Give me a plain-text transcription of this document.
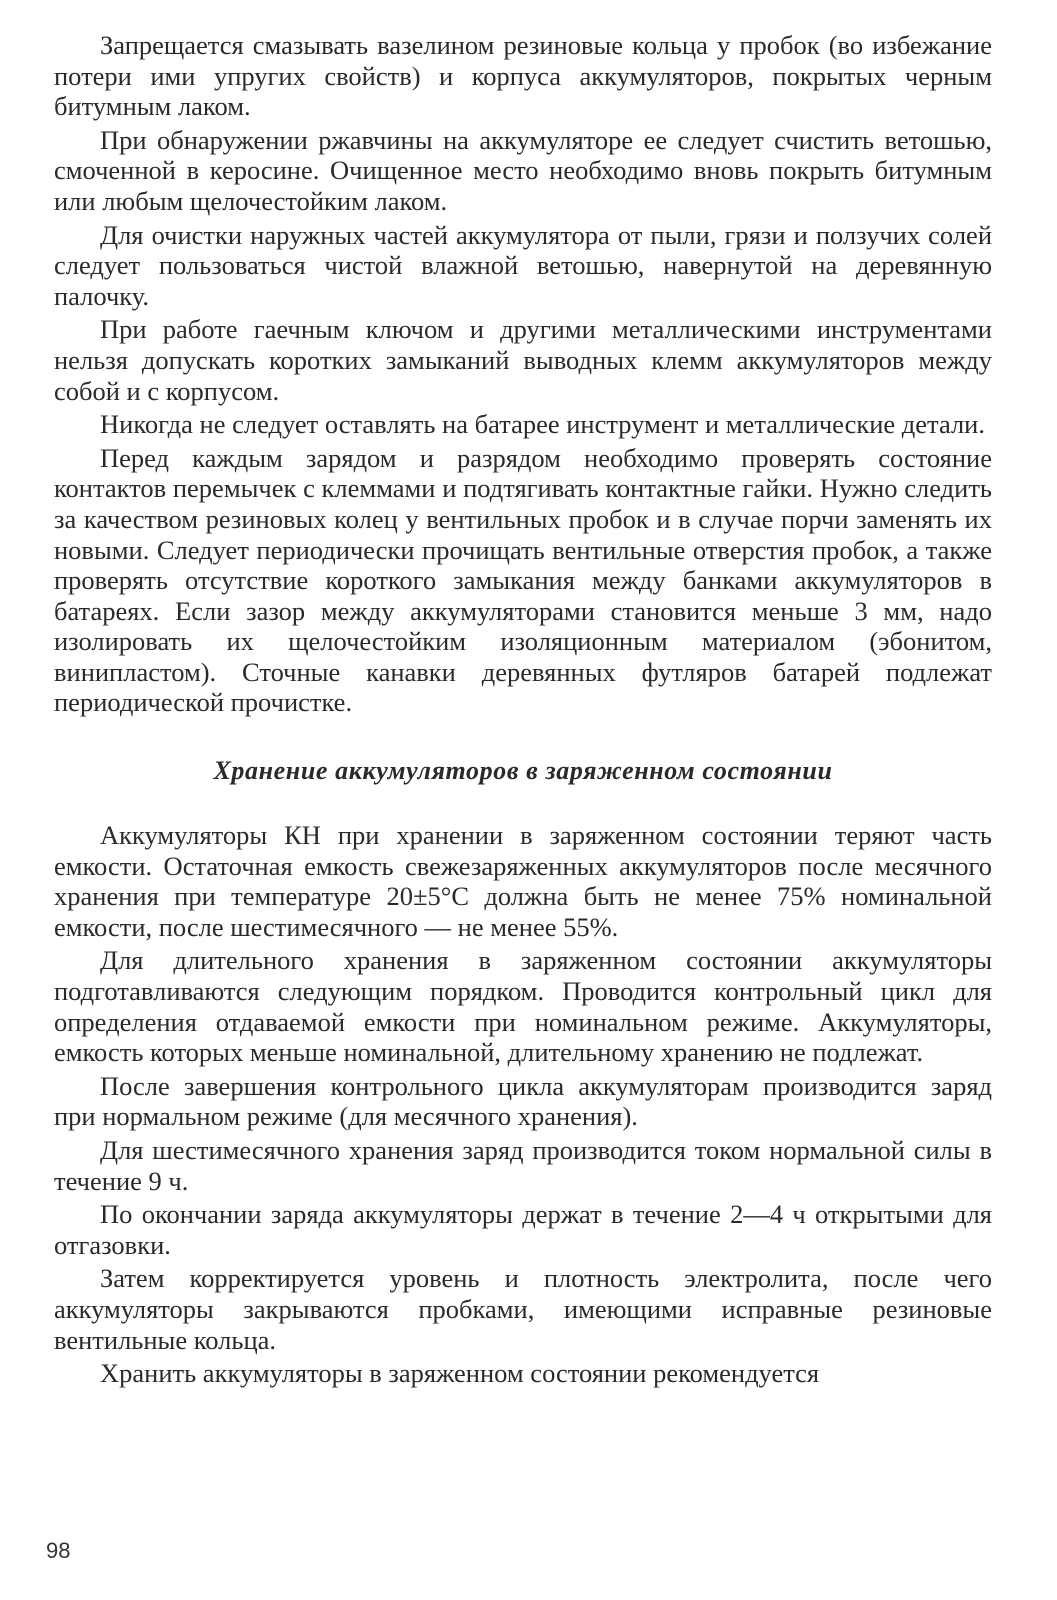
Запрещается смазывать вазелином резиновые кольца у пробок (во избежание потери ими упругих свойств) и корпуса аккумуляторов, покрытых черным битумным лаком.

При обнаружении ржавчины на аккумуляторе ее следует счистить ветошью, смоченной в керосине. Очищенное место необходимо вновь покрыть битумным или любым щелочестойким лаком.

Для очистки наружных частей аккумулятора от пыли, грязи и ползучих солей следует пользоваться чистой влажной ветошью, навернутой на деревянную палочку.

При работе гаечным ключом и другими металлическими инструментами нельзя допускать коротких замыканий выводных клемм аккумуляторов между собой и с корпусом.

Никогда не следует оставлять на батарее инструмент и металлические детали.

Перед каждым зарядом и разрядом необходимо проверять состояние контактов перемычек с клеммами и подтягивать контактные гайки. Нужно следить за качеством резиновых колец у вентильных пробок и в случае порчи заменять их новыми. Следует периодически прочищать вентильные отверстия пробок, а также проверять отсутствие короткого замыкания между банками аккумуляторов в батареях. Если зазор между аккумуляторами становится меньше 3 мм, надо изолировать их щелочестойким изоляционным материалом (эбонитом, винипластом). Сточные канавки деревянных футляров батарей подлежат периодической прочистке.

Хранение аккумуляторов в заряженном состоянии

Аккумуляторы КН при хранении в заряженном состоянии теряют часть емкости. Остаточная емкость свежезаряженных аккумуляторов после месячного хранения при температуре 20±5°С должна быть не менее 75% номинальной емкости, после шестимесячного — не менее 55%.

Для длительного хранения в заряженном состоянии аккумуляторы подготавливаются следующим порядком. Проводится контрольный цикл для определения отдаваемой емкости при номинальном режиме. Аккумуляторы, емкость которых меньше номинальной, длительному хранению не подлежат.

После завершения контрольного цикла аккумуляторам производится заряд при нормальном режиме (для месячного хранения).

Для шестимесячного хранения заряд производится током нормальной силы в течение 9 ч.

По окончании заряда аккумуляторы держат в течение 2—4 ч открытыми для отгазовки.

Затем корректируется уровень и плотность электролита, после чего аккумуляторы закрываются пробками, имеющими исправные резиновые вентильные кольца.

Хранить аккумуляторы в заряженном состоянии рекомендуется

98
